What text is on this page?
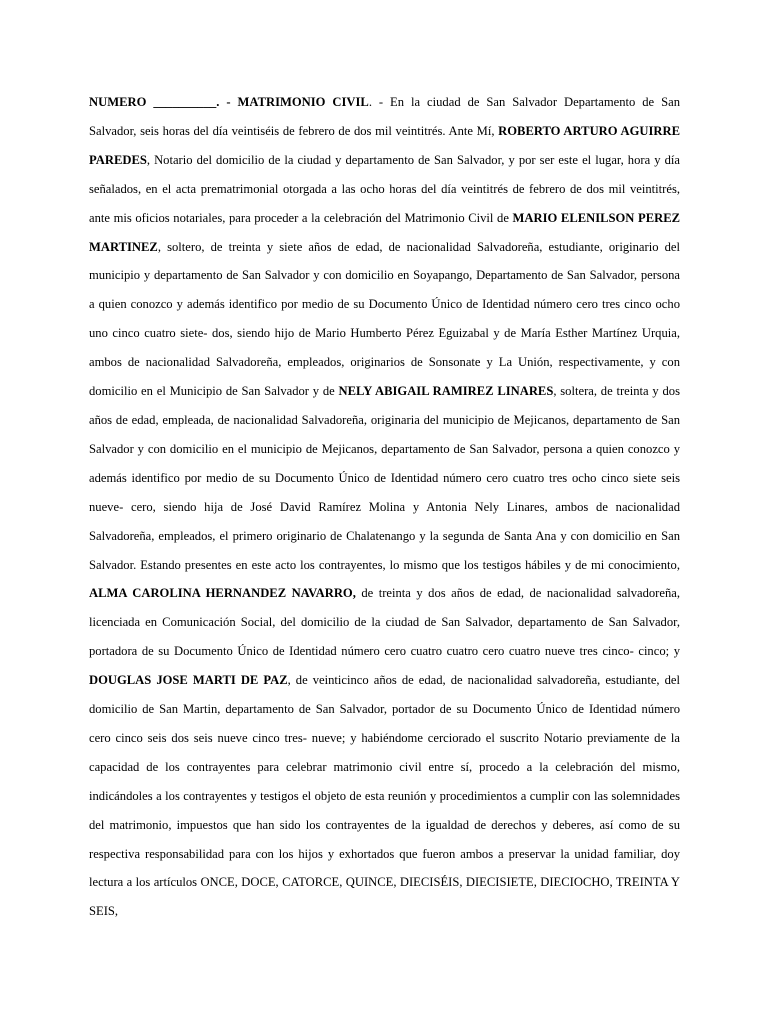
NUMERO __________. - MATRIMONIO CIVIL. - En la ciudad de San Salvador Departamento de San Salvador, seis horas del día veintiséis de febrero de dos mil veintitrés. Ante Mí, ROBERTO ARTURO AGUIRRE PAREDES, Notario del domicilio de la ciudad y departamento de San Salvador, y por ser este el lugar, hora y día señalados, en el acta prematrimonial otorgada a las ocho horas del día veintitrés de febrero de dos mil veintitrés, ante mis oficios notariales, para proceder a la celebración del Matrimonio Civil de MARIO ELENILSON PEREZ MARTINEZ, soltero, de treinta y siete años de edad, de nacionalidad Salvadoreña, estudiante, originario del municipio y departamento de San Salvador y con domicilio en Soyapango, Departamento de San Salvador, persona a quien conozco y además identifico por medio de su Documento Único de Identidad número cero tres cinco ocho uno cinco cuatro siete- dos, siendo hijo de Mario Humberto Pérez Eguizabal y de María Esther Martínez Urquia, ambos de nacionalidad Salvadoreña, empleados, originarios de Sonsonate y La Unión, respectivamente, y con domicilio en el Municipio de San Salvador y de NELY ABIGAIL RAMIREZ LINARES, soltera, de treinta y dos años de edad, empleada, de nacionalidad Salvadoreña, originaria del municipio de Mejicanos, departamento de San Salvador y con domicilio en el municipio de Mejicanos, departamento de San Salvador, persona a quien conozco y además identifico por medio de su Documento Único de Identidad número cero cuatro tres ocho cinco siete seis nueve- cero, siendo hija de José David Ramírez Molina y Antonia Nely Linares, ambos de nacionalidad Salvadoreña, empleados, el primero originario de Chalatenango y la segunda de Santa Ana y con domicilio en San Salvador. Estando presentes en este acto los contrayentes, lo mismo que los testigos hábiles y de mi conocimiento, ALMA CAROLINA HERNANDEZ NAVARRO, de treinta y dos años de edad, de nacionalidad salvadoreña, licenciada en Comunicación Social, del domicilio de la ciudad de San Salvador, departamento de San Salvador, portadora de su Documento Único de Identidad número cero cuatro cuatro cero cuatro nueve tres cinco- cinco; y DOUGLAS JOSE MARTI DE PAZ, de veinticinco años de edad, de nacionalidad salvadoreña, estudiante, del domicilio de San Martin, departamento de San Salvador, portador de su Documento Único de Identidad número cero cinco seis dos seis nueve cinco tres- nueve; y habiéndome cerciorado el suscrito Notario previamente de la capacidad de los contrayentes para celebrar matrimonio civil entre sí, procedo a la celebración del mismo, indicándoles a los contrayentes y testigos el objeto de esta reunión y procedimientos a cumplir con las solemnidades del matrimonio, impuestos que han sido los contrayentes de la igualdad de derechos y deberes, así como de su respectiva responsabilidad para con los hijos y exhortados que fueron ambos a preservar la unidad familiar, doy lectura a los artículos ONCE, DOCE, CATORCE, QUINCE, DIECISÉIS, DIECISIETE, DIECIOCHO, TREINTA Y SEIS,
